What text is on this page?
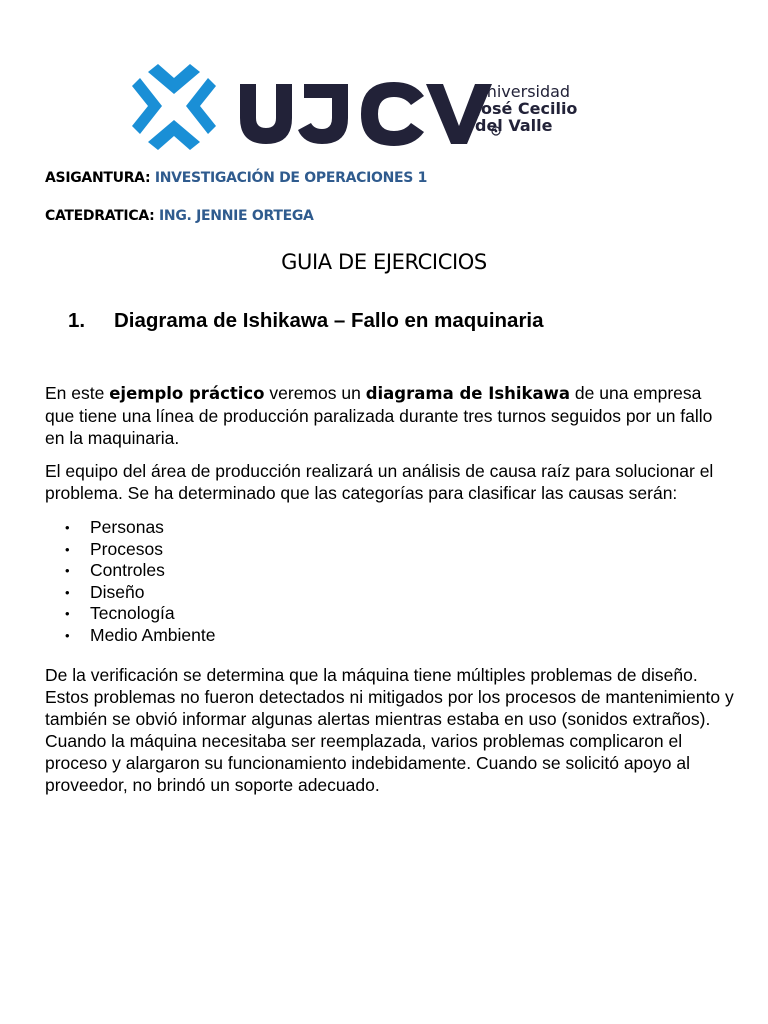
Universidad
José Cecilio
del Valle
ASIGANTURA: INVESTIGACIÓN DE OPERACIONES 1
CATEDRATICA: ING. JENNIE ORTEGA
GUIA DE EJERCICIOS
1. Diagrama de Ishikawa – Fallo en maquinaria
En este ejemplo práctico veremos un diagrama de Ishikawa de una empresa que tiene una línea de producción paralizada durante tres turnos seguidos por un fallo en la maquinaria.
El equipo del área de producción realizará un análisis de causa raíz para solucionar el problema. Se ha determinado que las categorías para clasificar las causas serán:
• Personas
• Procesos
• Controles
• Diseño
• Tecnología
• Medio Ambiente
De la verificación se determina que la máquina tiene múltiples problemas de diseño. Estos problemas no fueron detectados ni mitigados por los procesos de mantenimiento y también se obvió informar algunas alertas mientras estaba en uso (sonidos extraños). Cuando la máquina necesitaba ser reemplazada, varios problemas complicaron el proceso y alargaron su funcionamiento indebidamente. Cuando se solicitó apoyo al proveedor, no brindó un soporte adecuado.
